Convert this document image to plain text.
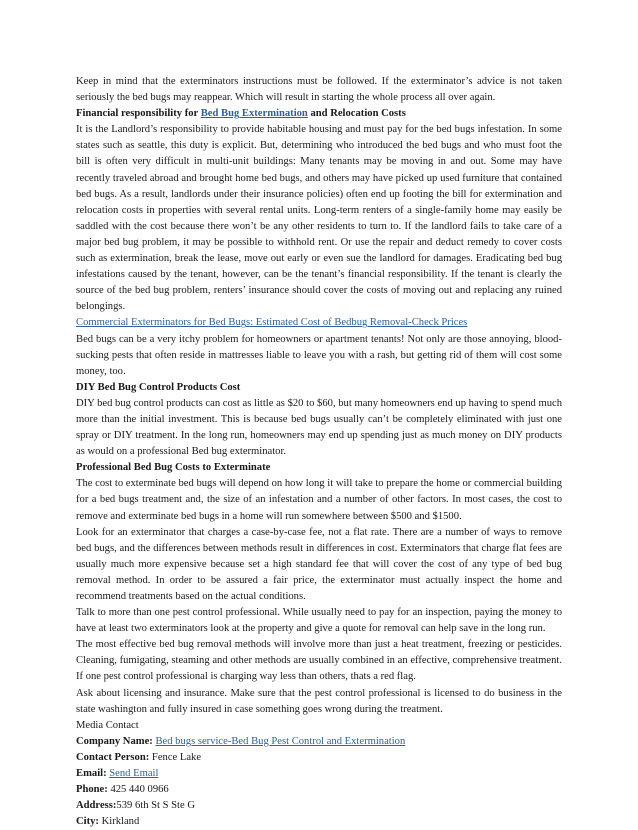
Keep in mind that the exterminators instructions must be followed. If the exterminator’s advice is not taken seriously the bed bugs may reappear. Which will result in starting the whole process all over again.

Financial responsibility for Bed Bug Extermination and Relocation Costs

It is the Landlord’s responsibility to provide habitable housing and must pay for the bed bugs infestation. In some states such as seattle, this duty is explicit. But, determining who introduced the bed bugs and who must foot the bill is often very difficult in multi-unit buildings: Many tenants may be moving in and out. Some may have recently traveled abroad and brought home bed bugs, and others may have picked up used furniture that contained bed bugs. As a result, landlords under their insurance policies) often end up footing the bill for extermination and relocation costs in properties with several rental units. Long-term renters of a single-family home may easily be saddled with the cost because there won’t be any other residents to turn to. If the landlord fails to take care of a major bed bug problem, it may be possible to withhold rent. Or use the repair and deduct remedy to cover costs such as extermination, break the lease, move out early or even sue the landlord for damages. Eradicating bed bug infestations caused by the tenant, however, can be the tenant’s financial responsibility. If the tenant is clearly the source of the bed bug problem, renters’ insurance should cover the costs of moving out and replacing any ruined belongings.

Commercial Exterminators for Bed Bugs: Estimated Cost of Bedbug Removal-Check Prices

Bed bugs can be a very itchy problem for homeowners or apartment tenants! Not only are those annoying, blood-sucking pests that often reside in mattresses liable to leave you with a rash, but getting rid of them will cost some money, too.

DIY Bed Bug Control Products Cost

DIY bed bug control products can cost as little as $20 to $60, but many homeowners end up having to spend much more than the initial investment. This is because bed bugs usually can’t be completely eliminated with just one spray or DIY treatment. In the long run, homeowners may end up spending just as much money on DIY products as would on a professional Bed bug exterminator.

Professional Bed Bug Costs to Exterminate

The cost to exterminate bed bugs will depend on how long it will take to prepare the home or commercial building for a bed bugs treatment and, the size of an infestation and a number of other factors. In most cases, the cost to remove and exterminate bed bugs in a home will run somewhere between $500 and $1500.

Look for an exterminator that charges a case-by-case fee, not a flat rate. There are a number of ways to remove bed bugs, and the differences between methods result in differences in cost. Exterminators that charge flat fees are usually much more expensive because set a high standard fee that will cover the cost of any type of bed bug removal method. In order to be assured a fair price, the exterminator must actually inspect the home and recommend treatments based on the actual conditions.

Talk to more than one pest control professional. While usually need to pay for an inspection, paying the money to have at least two exterminators look at the property and give a quote for removal can help save in the long run.

The most effective bed bug removal methods will involve more than just a heat treatment, freezing or pesticides. Cleaning, fumigating, steaming and other methods are usually combined in an effective, comprehensive treatment. If one pest control professional is charging way less than others, thats a red flag.

Ask about licensing and insurance. Make sure that the pest control professional is licensed to do business in the state washington and fully insured in case something goes wrong during the treatment.

Media Contact

Company Name: Bed bugs service-Bed Bug Pest Control and Extermination

Contact Person: Fence Lake

Email: Send Email

Phone: 425 440 0966

Address:539 6th St S Ste G

City: Kirkland
